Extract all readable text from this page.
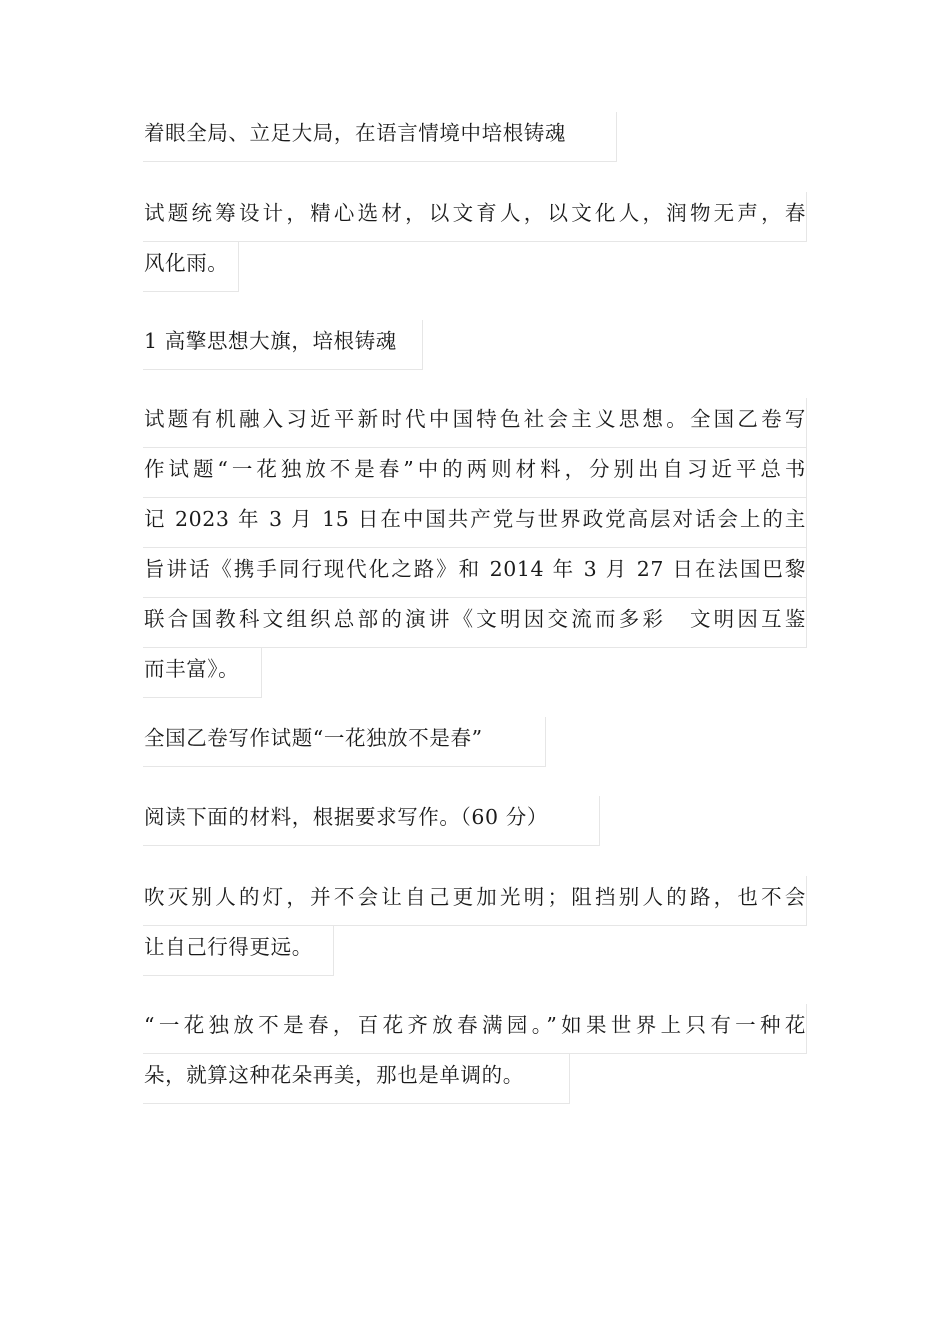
着眼全局、立足大局，在语言情境中培根铸魂
试题统筹设计，精心选材，以文育人，以文化人，润物无声，春
风化雨。
1 高擎思想大旗，培根铸魂
试题有机融入习近平新时代中国特色社会主义思想。全国乙卷写
作试题“一花独放不是春”中的两则材料，分别出自习近平总书
记 2023 年 3 月 15 日在中国共产党与世界政党高层对话会上的主
旨讲话《携手同行现代化之路》和 2014 年 3 月 27 日在法国巴黎
联合国教科文组织总部的演讲《文明因交流而多彩　文明因互鉴
而丰富》。
全国乙卷写作试题“一花独放不是春”
阅读下面的材料，根据要求写作。（60 分）
吹灭别人的灯，并不会让自己更加光明；阻挡别人的路，也不会
让自己行得更远。
“一花独放不是春，百花齐放春满园。”如果世界上只有一种花
朵，就算这种花朵再美，那也是单调的。
